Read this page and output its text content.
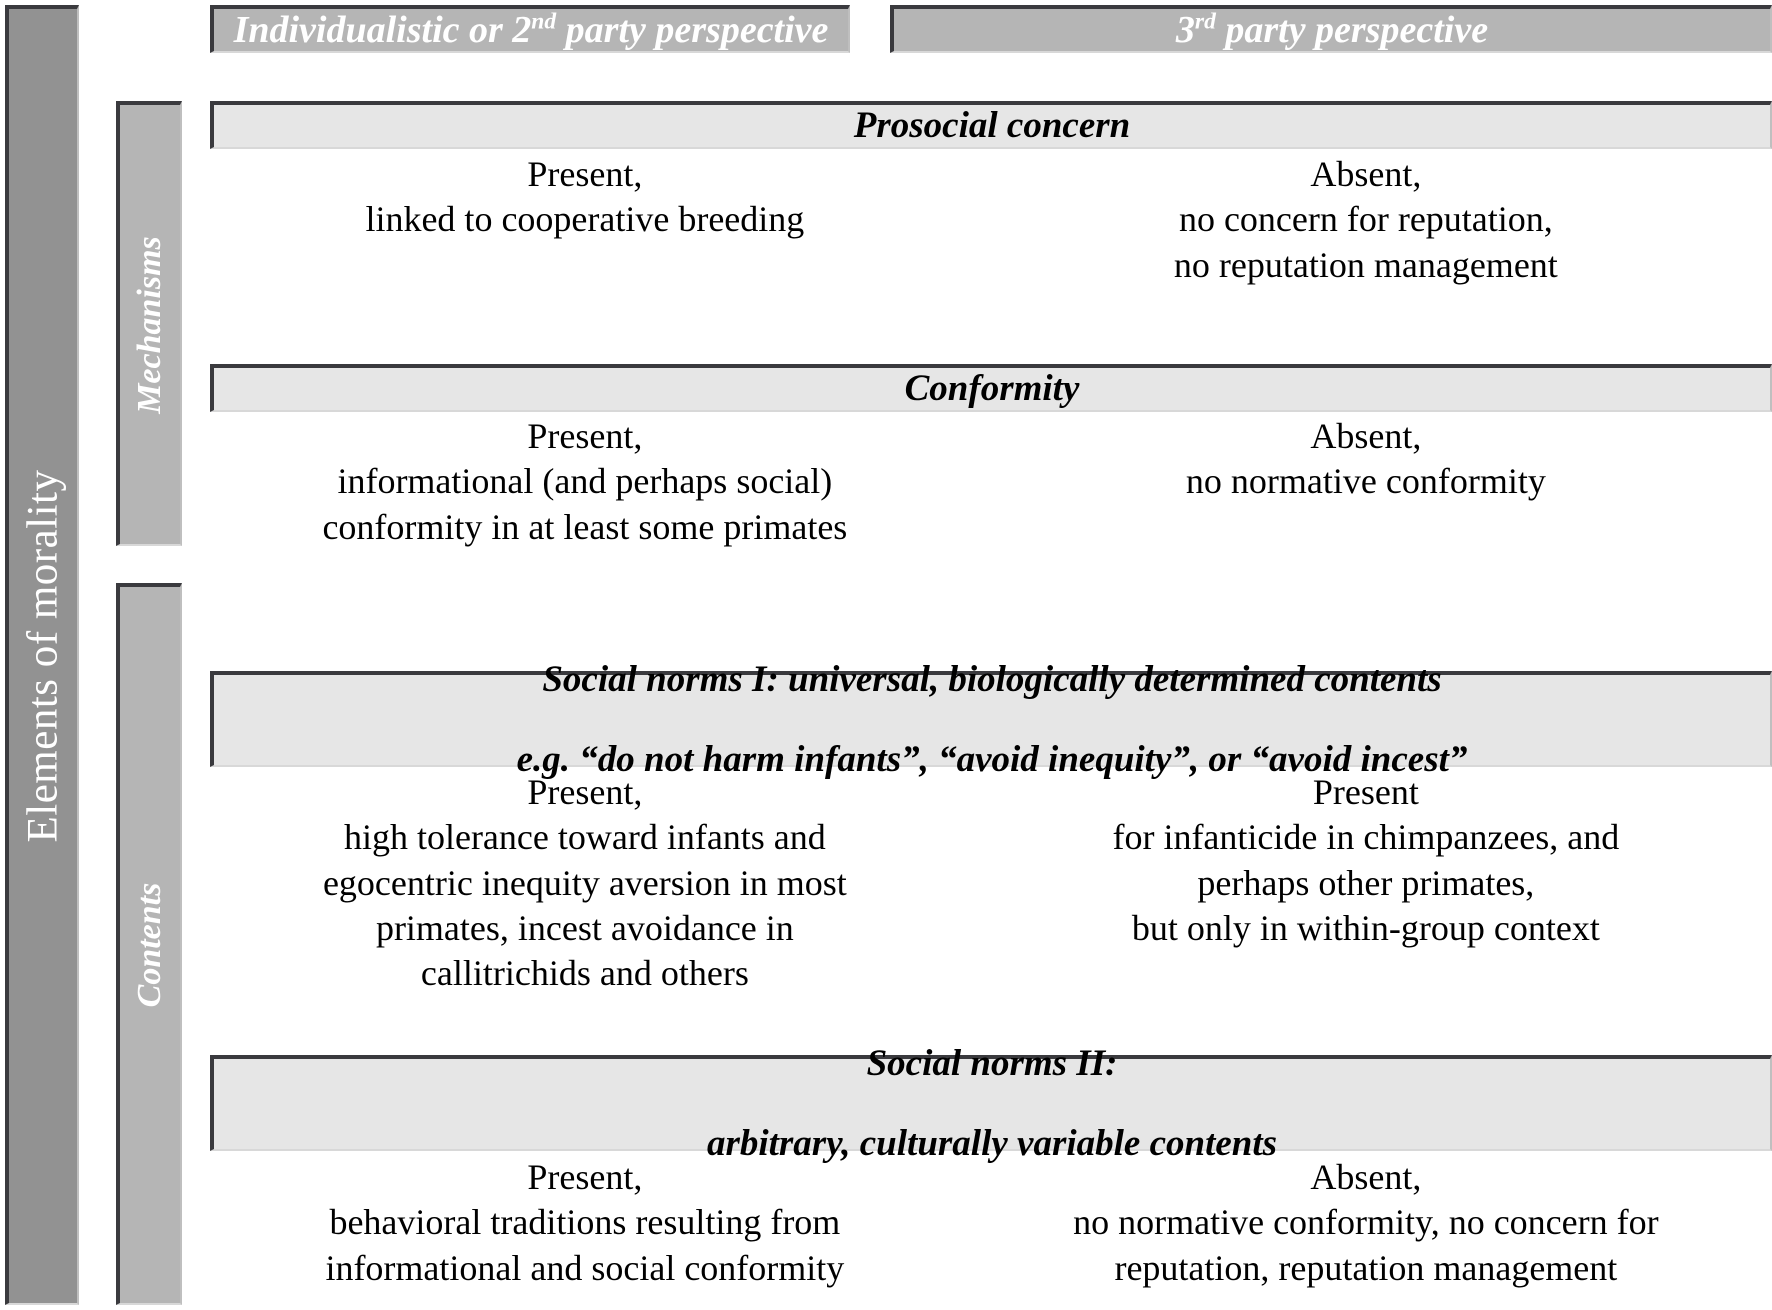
Elements of morality
Mechanisms
Contents
Individualistic or 2nd party perspective	3rd party perspective

Prosocial concern

Present,

linked to cooperative breeding

Absent,

no concern for reputation,

no reputation management

Conformity

Present,

informational (and perhaps social)

conformity in at least some primates

Absent,

no normative conformity

Social norms I: universal, biologically determined contents

e.g. “do not harm infants”, “avoid inequity”, or “avoid incest”

Present,

high tolerance toward infants and

egocentric inequity aversion in most

primates, incest avoidance in

callitrichids and others

Present

for infanticide in chimpanzees, and

perhaps other primates,

but only in within-group context

Social norms II:

arbitrary, culturally variable contents

Present,

behavioral traditions resulting from

informational and social conformity

Absent,

no normative conformity, no concern for

reputation, reputation management
